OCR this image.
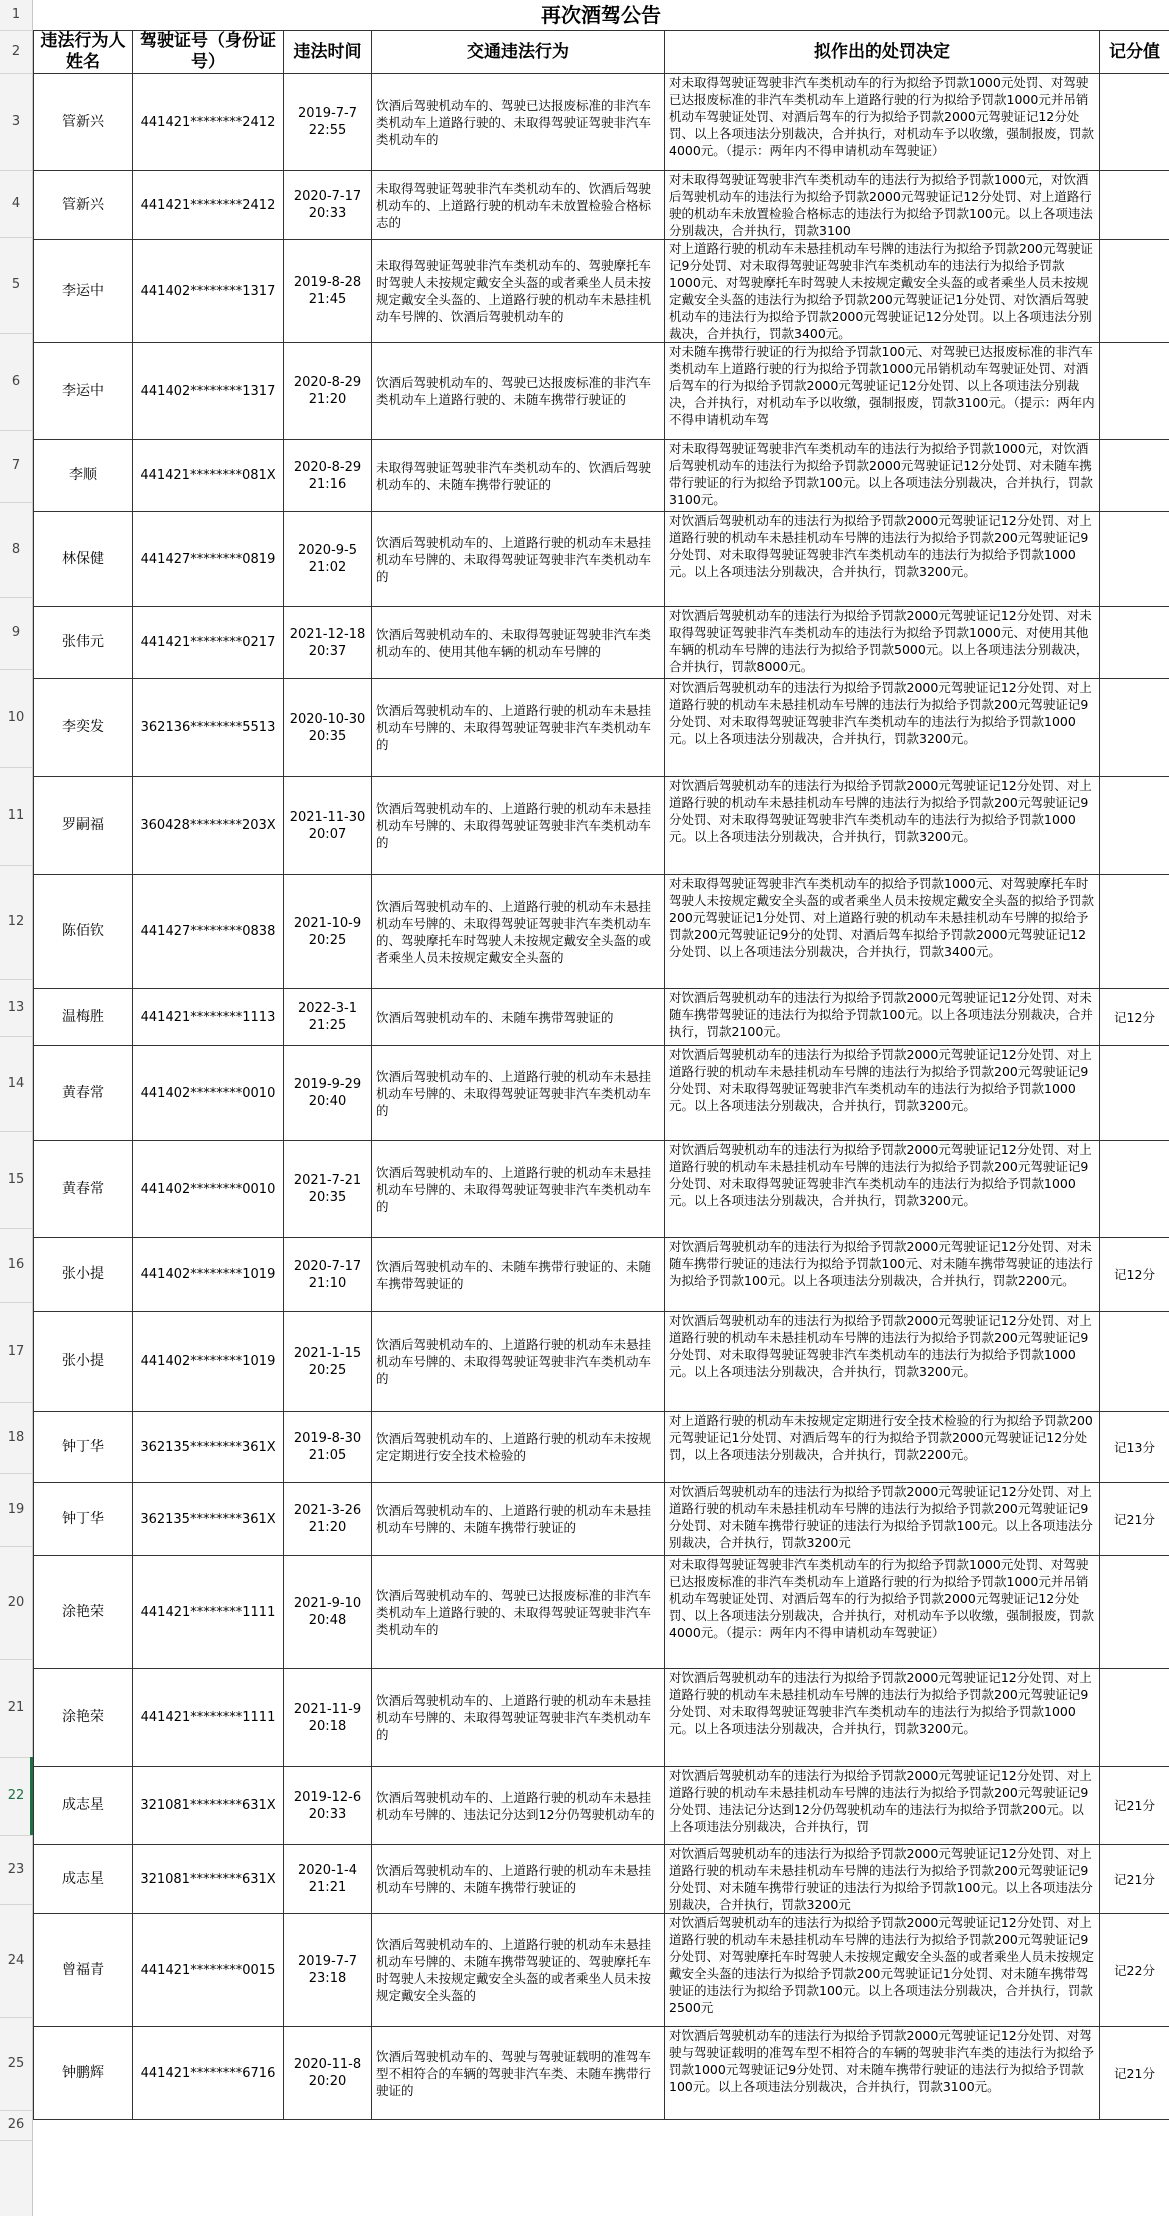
1
2
3
4
5
6
7
8
9
10
11
12
13
14
15
16
17
18
19
20
21
22
23
24
25
26
再次酒驾公告
违法行为人姓名	驾驶证号（身份证号）	违法时间	交通违法行为	拟作出的处罚决定	记分值
管新兴	441421********2412	2019-7-7 22:55	饮酒后驾驶机动车的、驾驶已达报废标准的非汽车类机动车上道路行驶的、未取得驾驶证驾驶非汽车类机动车的	对未取得驾驶证驾驶非汽车类机动车的行为拟给予罚款1000元处罚、对驾驶已达报废标准的非汽车类机动车上道路行驶的行为拟给予罚款1000元并吊销机动车驾驶证处罚、对酒后驾车的行为拟给予罚款2000元驾驶证记12分处罚、以上各项违法分别裁决，合并执行，对机动车予以收缴，强制报废，罚款4000元。（提示：两年内不得申请机动车驾驶证）	
管新兴	441421********2412	2020-7-17 20:33	未取得驾驶证驾驶非汽车类机动车的、饮酒后驾驶机动车的、上道路行驶的机动车未放置检验合格标志的	对未取得驾驶证驾驶非汽车类机动车的违法行为拟给予罚款1000元，对饮酒后驾驶机动车的违法行为拟给予罚款2000元驾驶证记12分处罚、对上道路行驶的机动车未放置检验合格标志的违法行为拟给予罚款100元。以上各项违法分别裁决，合并执行，罚款3100	
李运中	441402********1317	2019-8-28 21:45	未取得驾驶证驾驶非汽车类机动车的、驾驶摩托车时驾驶人未按规定戴安全头盔的或者乘坐人员未按规定戴安全头盔的、上道路行驶的机动车未悬挂机动车号牌的、饮酒后驾驶机动车的	对上道路行驶的机动车未悬挂机动车号牌的违法行为拟给予罚款200元驾驶证记9分处罚、对未取得驾驶证驾驶非汽车类机动车的违法行为拟给予罚款1000元、对驾驶摩托车时驾驶人未按规定戴安全头盔的或者乘坐人员未按规定戴安全头盔的违法行为拟给予罚款200元驾驶证记1分处罚、对饮酒后驾驶机动车的违法行为拟给予罚款2000元驾驶证记12分处罚。以上各项违法分别裁决，合并执行，罚款3400元。	
李运中	441402********1317	2020-8-29 21:20	饮酒后驾驶机动车的、驾驶已达报废标准的非汽车类机动车上道路行驶的、未随车携带行驶证的	对未随车携带行驶证的行为拟给予罚款100元、对驾驶已达报废标准的非汽车类机动车上道路行驶的行为拟给予罚款1000元吊销机动车驾驶证处罚、对酒后驾车的行为拟给予罚款2000元驾驶证记12分处罚、以上各项违法分别裁决，合并执行，对机动车予以收缴，强制报废，罚款3100元。（提示：两年内不得申请机动车驾	
李顺	441421********081X	2020-8-29 21:16	未取得驾驶证驾驶非汽车类机动车的、饮酒后驾驶机动车的、未随车携带行驶证的	对未取得驾驶证驾驶非汽车类机动车的违法行为拟给予罚款1000元，对饮酒后驾驶机动车的违法行为拟给予罚款2000元驾驶证记12分处罚、对未随车携带行驶证的行为拟给予罚款100元。以上各项违法分别裁决，合并执行，罚款3100元。	
林保健	441427********0819	2020-9-5 21:02	饮酒后驾驶机动车的、上道路行驶的机动车未悬挂机动车号牌的、未取得驾驶证驾驶非汽车类机动车的	对饮酒后驾驶机动车的违法行为拟给予罚款2000元驾驶证记12分处罚、对上道路行驶的机动车未悬挂机动车号牌的违法行为拟给予罚款200元驾驶证记9分处罚、对未取得驾驶证驾驶非汽车类机动车的违法行为拟给予罚款1000元。以上各项违法分别裁决，合并执行，罚款3200元。	
张伟元	441421********0217	2021-12-18 20:37	饮酒后驾驶机动车的、未取得驾驶证驾驶非汽车类机动车的、使用其他车辆的机动车号牌的	对饮酒后驾驶机动车的违法行为拟给予罚款2000元驾驶证记12分处罚、对未取得驾驶证驾驶非汽车类机动车的违法行为拟给予罚款1000元、对使用其他车辆的机动车号牌的违法行为拟给予罚款5000元。以上各项违法分别裁决，合并执行，罚款8000元。	
李奕发	362136********5513	2020-10-30 20:35	饮酒后驾驶机动车的、上道路行驶的机动车未悬挂机动车号牌的、未取得驾驶证驾驶非汽车类机动车的	对饮酒后驾驶机动车的违法行为拟给予罚款2000元驾驶证记12分处罚、对上道路行驶的机动车未悬挂机动车号牌的违法行为拟给予罚款200元驾驶证记9分处罚、对未取得驾驶证驾驶非汽车类机动车的违法行为拟给予罚款1000元。以上各项违法分别裁决，合并执行，罚款3200元。	
罗嗣福	360428********203X	2021-11-30 20:07	饮酒后驾驶机动车的、上道路行驶的机动车未悬挂机动车号牌的、未取得驾驶证驾驶非汽车类机动车的	对饮酒后驾驶机动车的违法行为拟给予罚款2000元驾驶证记12分处罚、对上道路行驶的机动车未悬挂机动车号牌的违法行为拟给予罚款200元驾驶证记9分处罚、对未取得驾驶证驾驶非汽车类机动车的违法行为拟给予罚款1000元。以上各项违法分别裁决，合并执行，罚款3200元。	
陈佰钦	441427********0838	2021-10-9 20:25	饮酒后驾驶机动车的、上道路行驶的机动车未悬挂机动车号牌的、未取得驾驶证驾驶非汽车类机动车的、驾驶摩托车时驾驶人未按规定戴安全头盔的或者乘坐人员未按规定戴安全头盔的	对未取得驾驶证驾驶非汽车类机动车的拟给予罚款1000元、对驾驶摩托车时驾驶人未按规定戴安全头盔的或者乘坐人员未按规定戴安全头盔的拟给予罚款200元驾驶证记1分处罚、对上道路行驶的机动车未悬挂机动车号牌的拟给予罚款200元驾驶证记9分的处罚、对酒后驾车拟给予罚款2000元驾驶证记12分处罚、以上各项违法分别裁决，合并执行，罚款3400元。	
温梅胜	441421********1113	2022-3-1 21:25	饮酒后驾驶机动车的、未随车携带驾驶证的	对饮酒后驾驶机动车的违法行为拟给予罚款2000元驾驶证记12分处罚、对未随车携带驾驶证的违法行为拟给予罚款100元。以上各项违法分别裁决，合并执行，罚款2100元。	记12分
黄春常	441402********0010	2019-9-29 20:40	饮酒后驾驶机动车的、上道路行驶的机动车未悬挂机动车号牌的、未取得驾驶证驾驶非汽车类机动车的	对饮酒后驾驶机动车的违法行为拟给予罚款2000元驾驶证记12分处罚、对上道路行驶的机动车未悬挂机动车号牌的违法行为拟给予罚款200元驾驶证记9分处罚、对未取得驾驶证驾驶非汽车类机动车的违法行为拟给予罚款1000元。以上各项违法分别裁决，合并执行，罚款3200元。	
黄春常	441402********0010	2021-7-21 20:35	饮酒后驾驶机动车的、上道路行驶的机动车未悬挂机动车号牌的、未取得驾驶证驾驶非汽车类机动车的	对饮酒后驾驶机动车的违法行为拟给予罚款2000元驾驶证记12分处罚、对上道路行驶的机动车未悬挂机动车号牌的违法行为拟给予罚款200元驾驶证记9分处罚、对未取得驾驶证驾驶非汽车类机动车的违法行为拟给予罚款1000元。以上各项违法分别裁决，合并执行，罚款3200元。	
张小提	441402********1019	2020-7-17 21:10	饮酒后驾驶机动车的、未随车携带行驶证的、未随车携带驾驶证的	对饮酒后驾驶机动车的违法行为拟给予罚款2000元驾驶证记12分处罚、对未随车携带行驶证的违法行为拟给予罚款100元、对未随车携带驾驶证的违法行为拟给予罚款100元。以上各项违法分别裁决，合并执行，罚款2200元。	记12分
张小提	441402********1019	2021-1-15 20:25	饮酒后驾驶机动车的、上道路行驶的机动车未悬挂机动车号牌的、未取得驾驶证驾驶非汽车类机动车的	对饮酒后驾驶机动车的违法行为拟给予罚款2000元驾驶证记12分处罚、对上道路行驶的机动车未悬挂机动车号牌的违法行为拟给予罚款200元驾驶证记9分处罚、对未取得驾驶证驾驶非汽车类机动车的违法行为拟给予罚款1000元。以上各项违法分别裁决，合并执行，罚款3200元。	
钟丁华	362135********361X	2019-8-30 21:05	饮酒后驾驶机动车的、上道路行驶的机动车未按规定定期进行安全技术检验的	对上道路行驶的机动车未按规定定期进行安全技术检验的行为拟给予罚款200元驾驶证记1分处罚、对酒后驾车的行为拟给予罚款2000元驾驶证记12分处罚，以上各项违法分别裁决，合并执行，罚款2200元。	记13分
钟丁华	362135********361X	2021-3-26 21:20	饮酒后驾驶机动车的、上道路行驶的机动车未悬挂机动车号牌的、未随车携带行驶证的	对饮酒后驾驶机动车的违法行为拟给予罚款2000元驾驶证记12分处罚、对上道路行驶的机动车未悬挂机动车号牌的违法行为拟给予罚款200元驾驶证记9分处罚、对未随车携带行驶证的违法行为拟给予罚款100元。以上各项违法分别裁决，合并执行，罚款3200元	记21分
涂艳荣	441421********1111	2021-9-10 20:48	饮酒后驾驶机动车的、驾驶已达报废标准的非汽车类机动车上道路行驶的、未取得驾驶证驾驶非汽车类机动车的	对未取得驾驶证驾驶非汽车类机动车的行为拟给予罚款1000元处罚、对驾驶已达报废标准的非汽车类机动车上道路行驶的行为拟给予罚款1000元并吊销机动车驾驶证处罚、对酒后驾车的行为拟给予罚款2000元驾驶证记12分处罚、以上各项违法分别裁决，合并执行，对机动车予以收缴，强制报废，罚款4000元。（提示：两年内不得申请机动车驾驶证）	
涂艳荣	441421********1111	2021-11-9 20:18	饮酒后驾驶机动车的、上道路行驶的机动车未悬挂机动车号牌的、未取得驾驶证驾驶非汽车类机动车的	对饮酒后驾驶机动车的违法行为拟给予罚款2000元驾驶证记12分处罚、对上道路行驶的机动车未悬挂机动车号牌的违法行为拟给予罚款200元驾驶证记9分处罚、对未取得驾驶证驾驶非汽车类机动车的违法行为拟给予罚款1000元。以上各项违法分别裁决，合并执行，罚款3200元。	
成志星	321081********631X	2019-12-6 20:33	饮酒后驾驶机动车的、上道路行驶的机动车未悬挂机动车号牌的、违法记分达到12分仍驾驶机动车的	对饮酒后驾驶机动车的违法行为拟给予罚款2000元驾驶证记12分处罚、对上道路行驶的机动车未悬挂机动车号牌的违法行为拟给予罚款200元驾驶证记9分处罚、违法记分达到12分仍驾驶机动车的违法行为拟给予罚款200元。以上各项违法分别裁决，合并执行，罚	记21分
成志星	321081********631X	2020-1-4 21:21	饮酒后驾驶机动车的、上道路行驶的机动车未悬挂机动车号牌的、未随车携带行驶证的	对饮酒后驾驶机动车的违法行为拟给予罚款2000元驾驶证记12分处罚、对上道路行驶的机动车未悬挂机动车号牌的违法行为拟给予罚款200元驾驶证记9分处罚、对未随车携带行驶证的违法行为拟给予罚款100元。以上各项违法分别裁决，合并执行，罚款3200元	记21分
曾福青	441421********0015	2019-7-7 23:18	饮酒后驾驶机动车的、上道路行驶的机动车未悬挂机动车号牌的、未随车携带驾驶证的、驾驶摩托车时驾驶人未按规定戴安全头盔的或者乘坐人员未按规定戴安全头盔的	对饮酒后驾驶机动车的违法行为拟给予罚款2000元驾驶证记12分处罚、对上道路行驶的机动车未悬挂机动车号牌的违法行为拟给予罚款200元驾驶证记9分处罚、对驾驶摩托车时驾驶人未按规定戴安全头盔的或者乘坐人员未按规定戴安全头盔的违法行为拟给予罚款200元驾驶证记1分处罚、对未随车携带驾驶证的违法行为拟给予罚款100元。以上各项违法分别裁决，合并执行，罚款2500元	记22分
钟鹏辉	441421********6716	2020-11-8 20:20	饮酒后驾驶机动车的、驾驶与驾驶证载明的准驾车型不相符合的车辆的驾驶非汽车类、未随车携带行驶证的	对饮酒后驾驶机动车的违法行为拟给予罚款2000元驾驶证记12分处罚、对驾驶与驾驶证载明的准驾车型不相符合的车辆的驾驶非汽车类的违法行为拟给予罚款1000元驾驶证记9分处罚、对未随车携带行驶证的违法行为拟给予罚款100元。以上各项违法分别裁决，合并执行，罚款3100元。	记21分
